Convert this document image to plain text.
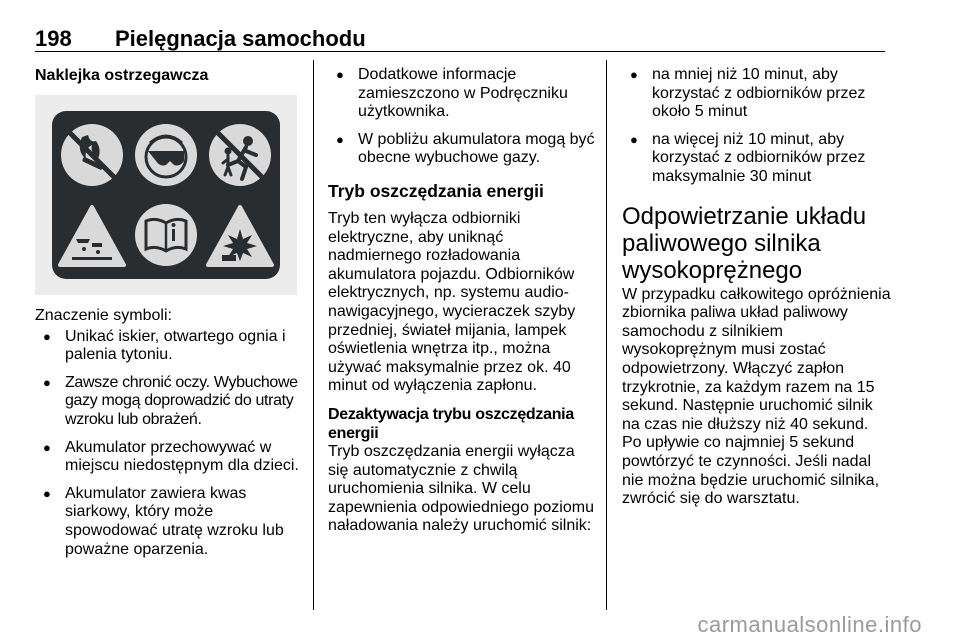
198 Pielęgnacja samochodu
Naklejka ostrzegawcza
Znaczenie symboli:
● Unikać iskier, otwartego ognia i palenia tytoniu.
● Zawsze chronić oczy. Wybuchowe gazy mogą doprowadzić do utraty wzroku lub obrażeń.
● Akumulator przechowywać w miejscu niedostępnym dla dzieci.
● Akumulator zawiera kwas siarkowy, który może spowodować utratę wzroku lub poważne oparzenia.
● Dodatkowe informacje zamieszczono w Podręczniku użytkownika.
● W pobliżu akumulatora mogą być obecne wybuchowe gazy.
Tryb oszczędzania energii
Tryb ten wyłącza odbiorniki elektryczne, aby uniknąć nadmiernego rozładowania akumulatora pojazdu. Odbiorników elektrycznych, np. systemu audio-nawigacyjnego, wycieraczek szyby przedniej, świateł mijania, lampek oświetlenia wnętrza itp., można używać maksymalnie przez ok. 40 minut od wyłączenia zapłonu.
Dezaktywacja trybu oszczędzania energii
Tryb oszczędzania energii wyłącza się automatycznie z chwilą uruchomienia silnika. W celu zapewnienia odpowiedniego poziomu naładowania należy uruchomić silnik:
● na mniej niż 10 minut, aby korzystać z odbiorników przez około 5 minut
● na więcej niż 10 minut, aby korzystać z odbiorników przez maksymalnie 30 minut
Odpowietrzanie układu paliwowego silnika wysokoprężnego
W przypadku całkowitego opróżnienia zbiornika paliwa układ paliwowy samochodu z silnikiem wysokoprężnym musi zostać odpowietrzony. Włączyć zapłon trzykrotnie, za każdym razem na 15 sekund. Następnie uruchomić silnik na czas nie dłuższy niż 40 sekund. Po upływie co najmniej 5 sekund powtórzyć te czynności. Jeśli nadal nie można będzie uruchomić silnika, zwrócić się do warsztatu.
carmanualsonline.info
